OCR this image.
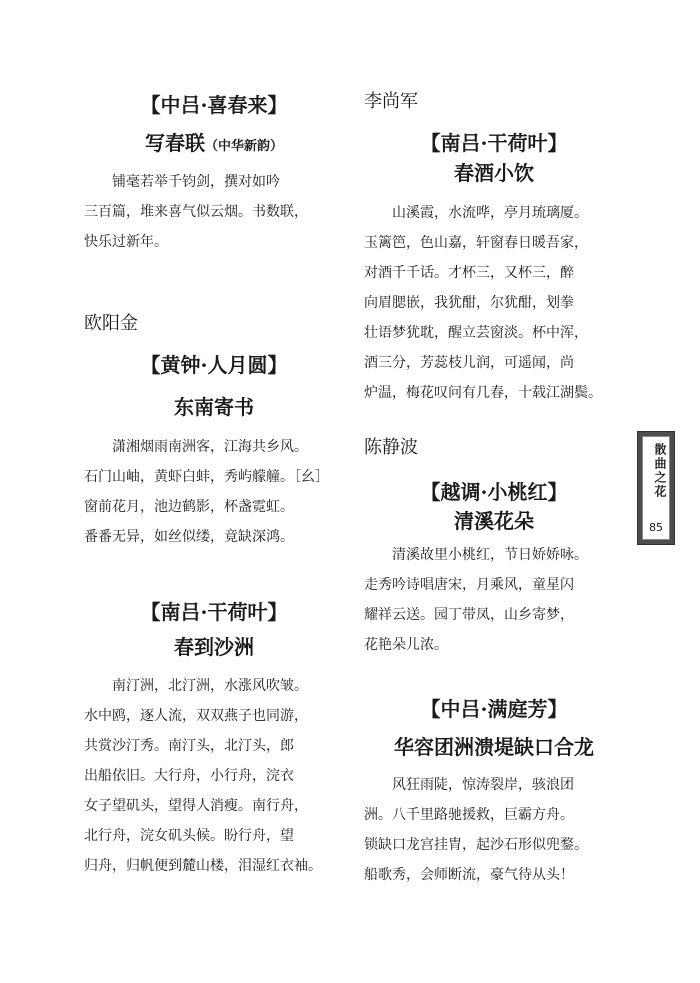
【中吕·喜春来】
写春联（中华新韵）
铺毫若举千钧剑，撰对如吟
三百篇，堆来喜气似云烟。书数联，
快乐过新年。
欧阳金
【黄钟·人月圆】
东南寄书
潇湘烟雨南洲客，江海共乡风。
石门山岫，黄虾白蚌，秀屿艨艟。［幺］
窗前花月，池边鹤影，杯盏霓虹。
番番无异，如丝似缕，竟缺深鸿。
【南吕·干荷叶】
春到沙洲
南汀洲，北汀洲，水涨风吹皱。
水中鸥，逐人流，双双燕子也同游，
共赏沙汀秀。南汀头，北汀头，郎
出船依旧。大行舟，小行舟，浣衣
女子望矶头，望得人消瘦。南行舟，
北行舟，浣女矶头候。盼行舟，望
归舟，归帆便到麓山楼，泪湿红衣袖。
李尚军
【南吕·干荷叶】
春酒小饮
山溪霞，水流哗，亭月琉璃厦。
玉篱笆，色山嘉，轩窗春日暖吾家，
对酒千千话。才杯三，又杯三，醉
向眉腮嵌，我犹酣，尔犹酣，划拳
壮语梦犹耽，醒立芸窗淡。杯中浑，
酒三分，芳蕊枝儿润，可遥闻，尚
炉温，梅花叹问有几春，十载江湖鬓。
陈静波
【越调·小桃红】
清溪花朵
清溪故里小桃红，节日娇娇咏。
走秀吟诗唱唐宋，月乘风，童星闪
耀祥云送。园丁带凤，山乡寄梦，
花艳朵儿浓。
【中吕·满庭芳】
华容团洲溃堤缺口合龙
风狂雨陡，惊涛裂岸，骇浪团
洲。八千里路驰援救，巨霸方舟。
锁缺口龙宫挂胄，起沙石形似兜鍪。
船歌秀，会师断流，豪气待从头！
散曲之花
85
